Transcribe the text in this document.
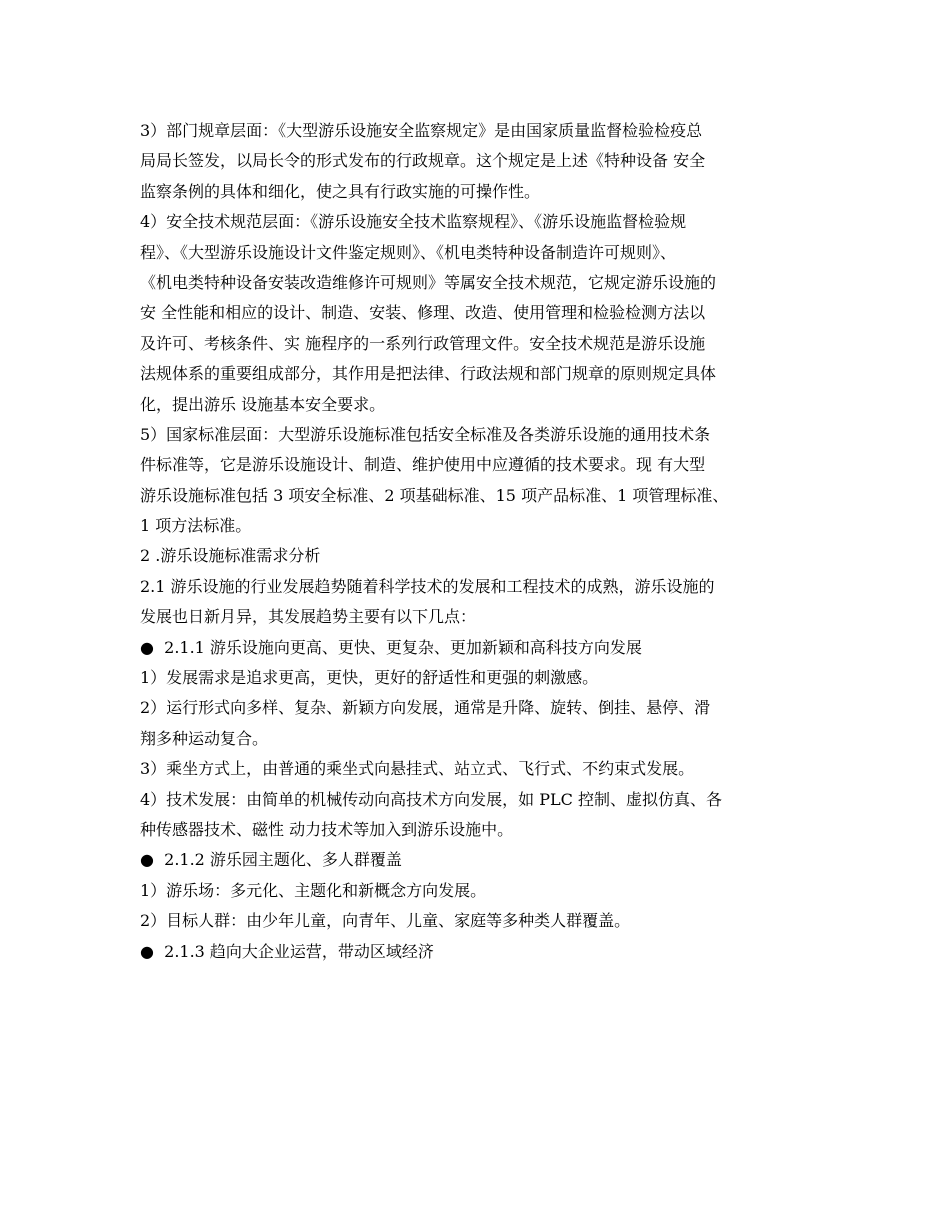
3）部门规章层面：《大型游乐设施安全监察规定》是由国家质量监督检验检疫总
局局长签发，以局长令的形式发布的行政规章。这个规定是上述《特种设备 安全
监察条例的具体和细化，使之具有行政实施的可操作性。
4）安全技术规范层面：《游乐设施安全技术监察规程》、《游乐设施监督检验规
程》、《大型游乐设施设计文件鉴定规则》、《机电类特种设备制造许可规则》、
《机电类特种设备安装改造维修许可规则》等属安全技术规范，它规定游乐设施的
安 全性能和相应的设计、制造、安装、修理、改造、使用管理和检验检测方法以
及许可、考核条件、实 施程序的一系列行政管理文件。安全技术规范是游乐设施
法规体系的重要组成部分，其作用是把法律、行政法规和部门规章的原则规定具体
化，提出游乐 设施基本安全要求。
5）国家标准层面：大型游乐设施标准包括安全标准及各类游乐设施的通用技术条
件标准等，它是游乐设施设计、制造、维护使用中应遵循的技术要求。现 有大型
游乐设施标准包括 3 项安全标准、2 项基础标准、15 项产品标准、1 项管理标准、
1 项方法标准。
2 .游乐设施标准需求分析
2.1 游乐设施的行业发展趋势随着科学技术的发展和工程技术的成熟，游乐设施的
发展也日新月异，其发展趋势主要有以下几点：
●  2.1.1 游乐设施向更高、更快、更复杂、更加新颖和高科技方向发展
1）发展需求是追求更高，更快，更好的舒适性和更强的刺激感。
2）运行形式向多样、复杂、新颖方向发展，通常是升降、旋转、倒挂、悬停、滑
翔多种运动复合。
3）乘坐方式上，由普通的乘坐式向悬挂式、站立式、飞行式、不约束式发展。
4）技术发展：由简单的机械传动向高技术方向发展，如 PLC 控制、虚拟仿真、各
种传感器技术、磁性 动力技术等加入到游乐设施中。
●  2.1.2 游乐园主题化、多人群覆盖
1）游乐场：多元化、主题化和新概念方向发展。
2）目标人群：由少年儿童，向青年、儿童、家庭等多种类人群覆盖。
●  2.1.3 趋向大企业运营，带动区域经济
